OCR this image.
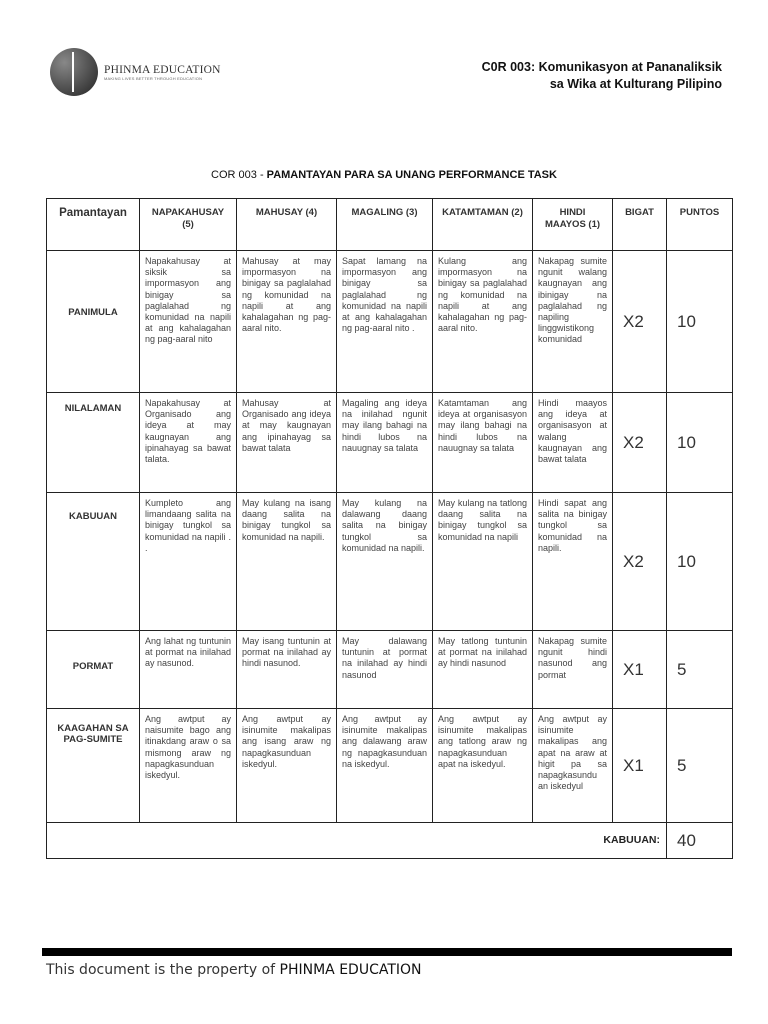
PHINMA EDUCATION
MAKING LIVES BETTER THROUGH EDUCATION
C0R 003: Komunikasyon at Pananaliksik
sa Wika at Kulturang Pilipino
COR 003 - PAMANTAYAN PARA SA UNANG PERFORMANCE TASK
Pamantayan	NAPAKAHUSAY (5)	MAHUSAY (4)	MAGALING (3)	KATAMTAMAN (2)	HINDI MAAYOS (1)	BIGAT	PUNTOS
PANIMULA	Napakahusay at siksik sa impormasyon ang binigay sa paglalahad ng komunidad na napili at ang kahalagahan ng pag-aaral nito	Mahusay at may impormasyon na binigay sa paglalahad ng komunidad na napili at ang kahalagahan ng pag-aaral nito.	Sapat lamang na impormasyon ang binigay sa paglalahad ng komunidad na napili at ang kahalagahan ng pag-aaral nito .	Kulang ang impormasyon na binigay sa paglalahad ng komunidad na napili at ang kahalagahan ng pag-aaral nito.	Nakapag sumite ngunit walang kaugnayan ang ibinigay na paglalahad ng napiling linggwistikong komunidad	X2	10
NILALAMAN	Napakahusay at Organisado ang ideya at may kaugnayan ang ipinahayag sa bawat talata.	Mahusay at Organisado ang ideya at may kaugnayan ang ipinahayag sa bawat talata	Magaling ang ideya na inilahad ngunit may ilang bahagi na hindi lubos na nauugnay sa talata	Katamtaman ang ideya at organisasyon may ilang bahagi na hindi lubos na nauugnay sa talata	Hindi maayos ang ideya at organisasyon at walang kaugnayan ang bawat talata	X2	10
KABUUAN	Kumpleto ang limandaang salita na binigay tungkol sa komunidad na napili . .	May kulang na isang daang salita na binigay tungkol sa komunidad na napili.	May kulang na dalawang daang salita na binigay tungkol sa komunidad na napili.	May kulang na tatlong daang salita na binigay tungkol sa komunidad na napili	Hindi sapat ang salita na binigay tungkol sa komunidad na napili.	X2	10
PORMAT	Ang lahat ng tuntunin at pormat na inilahad ay nasunod.	May isang tuntunin at pormat na inilahad ay hindi nasunod.	May dalawang tuntunin at pormat na inilahad ay hindi nasunod	May tatlong tuntunin at pormat na inilahad ay hindi nasunod	Nakapag sumite ngunit hindi nasunod ang pormat	X1	5
KAAGAHAN SA PAG-SUMITE	Ang awtput ay naisumite bago ang itinakdang araw o sa mismong araw ng napagkasunduan iskedyul.	Ang awtput ay isinumite makalipas ang isang araw ng napagkasunduan iskedyul.	Ang awtput ay isinumite makalipas ang dalawang araw ng napagkasunduan na iskedyul.	Ang awtput ay isinumite makalipas ang tatlong araw ng napagkasunduan apat na iskedyul.	Ang awtput ay isinumite makalipas ang apat na araw at higit pa sa napagkasundu an iskedyul	X1	5
KABUUAN:							40
This document is the property of PHINMA EDUCATION
